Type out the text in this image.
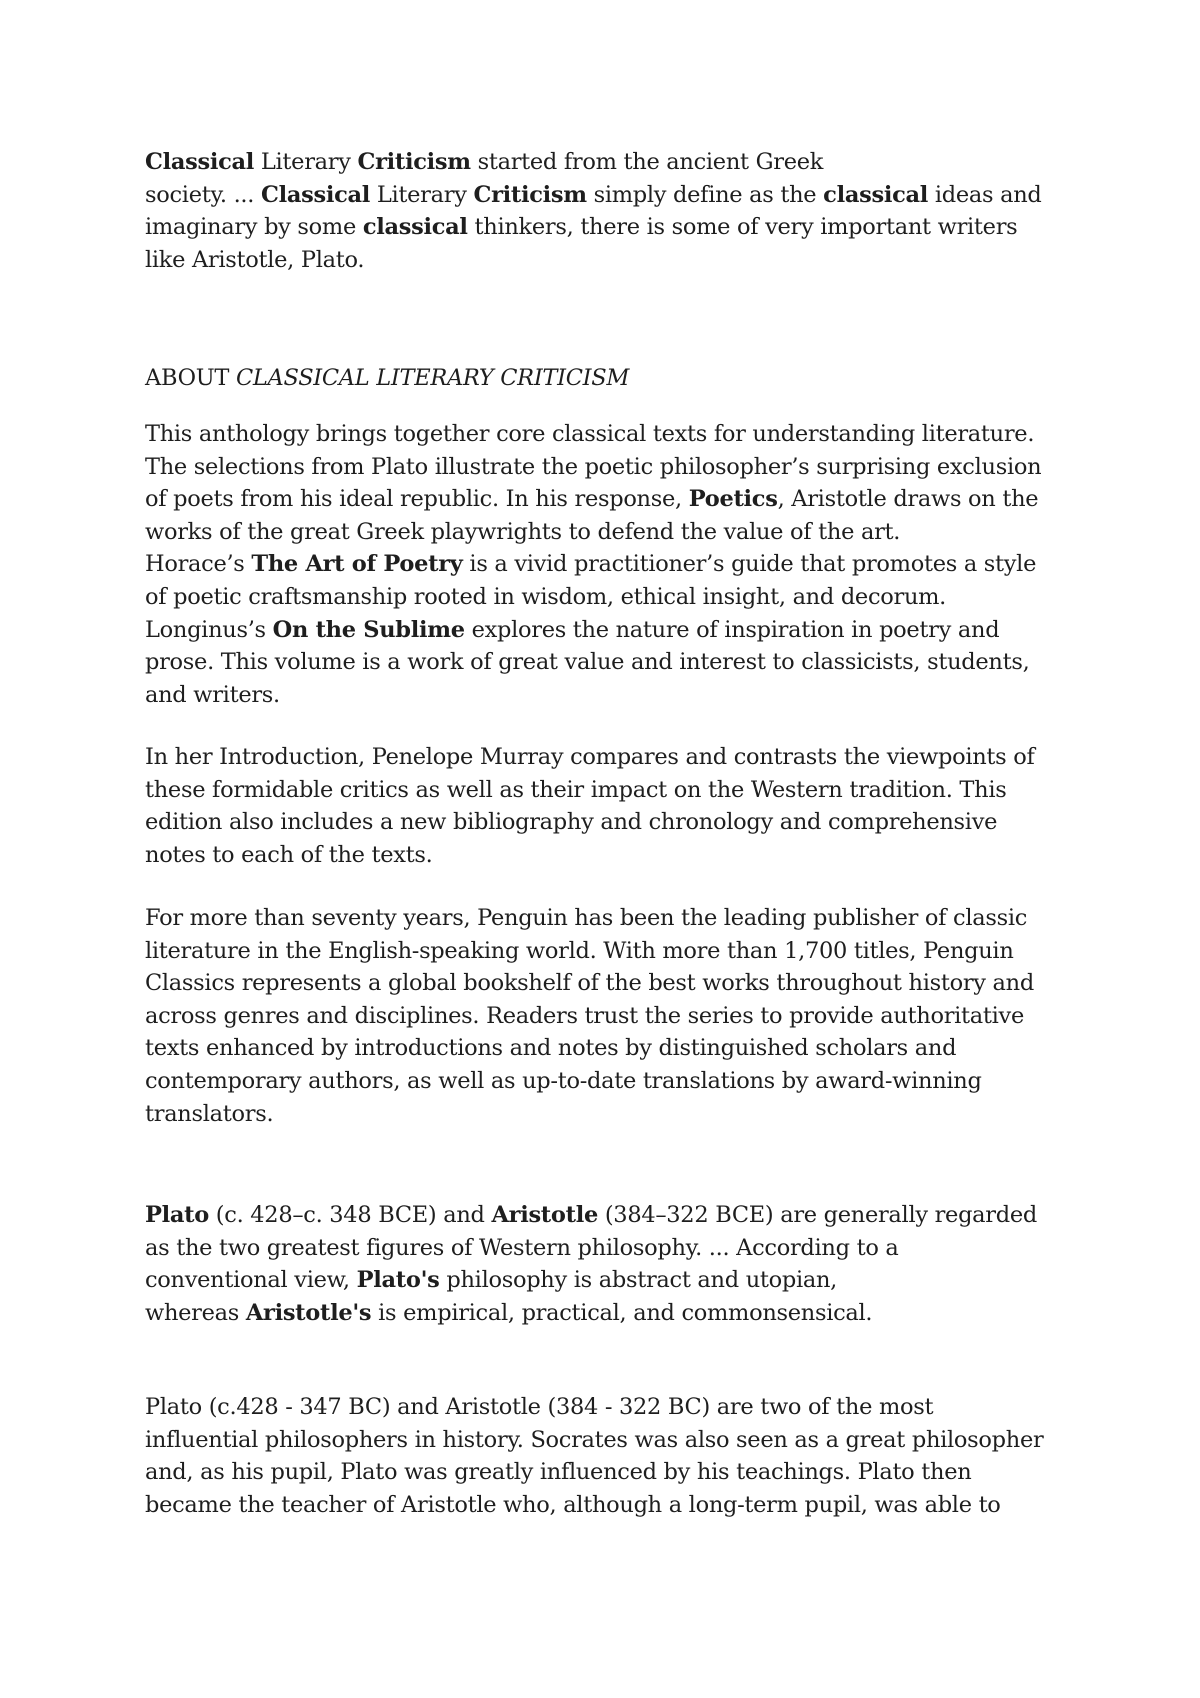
Classical Literary Criticism started from the ancient Greek
society. ... Classical Literary Criticism simply define as the classical ideas and
imaginary by some classical thinkers, there is some of very important writers
like Aristotle, Plato.
ABOUT CLASSICAL LITERARY CRITICISM
This anthology brings together core classical texts for understanding literature.
The selections from Plato illustrate the poetic philosopher’s surprising exclusion
of poets from his ideal republic. In his response, Poetics, Aristotle draws on the
works of the great Greek playwrights to defend the value of the art.
Horace’s The Art of Poetry is a vivid practitioner’s guide that promotes a style
of poetic craftsmanship rooted in wisdom, ethical insight, and decorum.
Longinus’s On the Sublime explores the nature of inspiration in poetry and
prose. This volume is a work of great value and interest to classicists, students,
and writers.
In her Introduction, Penelope Murray compares and contrasts the viewpoints of
these formidable critics as well as their impact on the Western tradition. This
edition also includes a new bibliography and chronology and comprehensive
notes to each of the texts.
For more than seventy years, Penguin has been the leading publisher of classic
literature in the English-speaking world. With more than 1,700 titles, Penguin
Classics represents a global bookshelf of the best works throughout history and
across genres and disciplines. Readers trust the series to provide authoritative
texts enhanced by introductions and notes by distinguished scholars and
contemporary authors, as well as up-to-date translations by award-winning
translators.
Plato (c. 428–c. 348 BCE) and Aristotle (384–322 BCE) are generally regarded
as the two greatest figures of Western philosophy. ... According to a
conventional view, Plato's philosophy is abstract and utopian,
whereas Aristotle's is empirical, practical, and commonsensical.
Plato (c.428 - 347 BC) and Aristotle (384 - 322 BC) are two of the most
influential philosophers in history. Socrates was also seen as a great philosopher
and, as his pupil, Plato was greatly influenced by his teachings. Plato then
became the teacher of Aristotle who, although a long-term pupil, was able to
